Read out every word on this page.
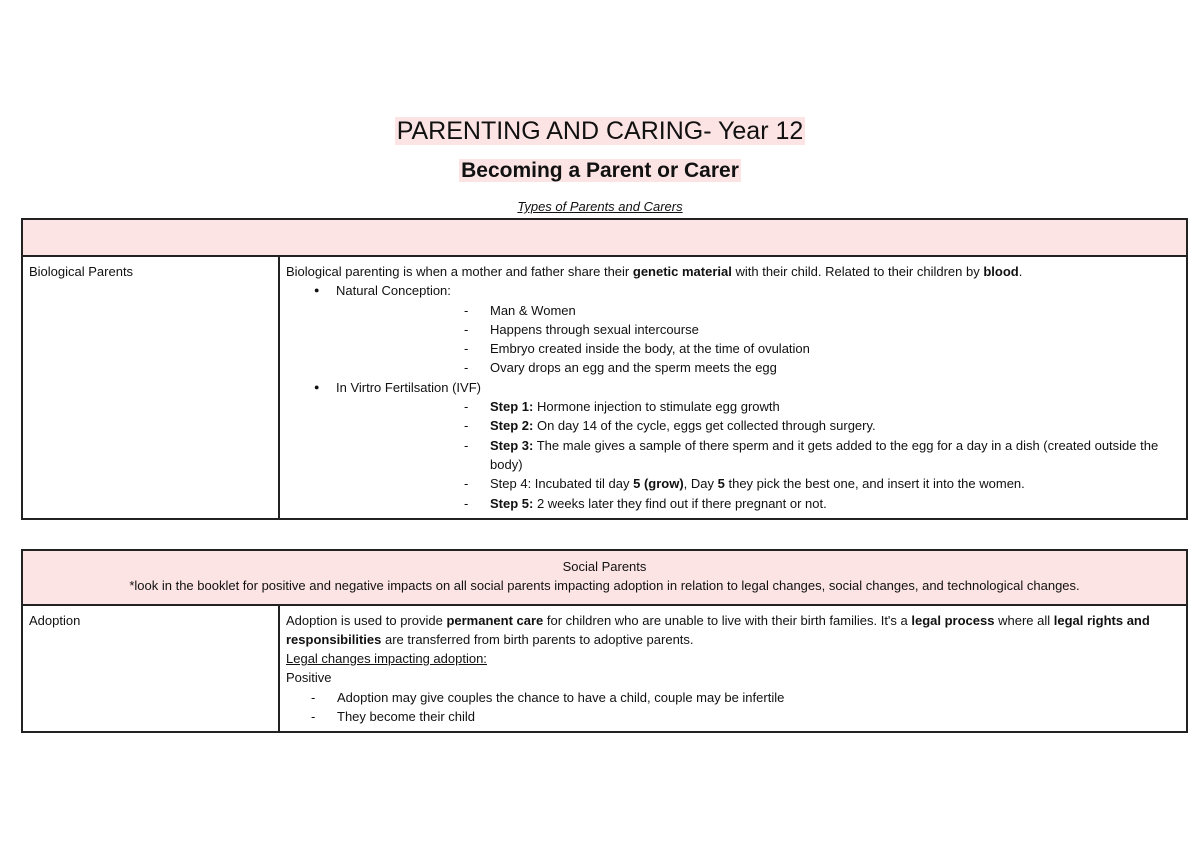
PARENTING AND CARING- Year 12
Becoming a Parent or Carer
Types of Parents and Carers

Biological Parents	Biological parenting is when a mother and father share their genetic material with their child. Related to their children by blood.
● Natural Conception:
- Man & Women
- Happens through sexual intercourse
- Embryo created inside the body, at the time of ovulation
- Ovary drops an egg and the sperm meets the egg
● In Virtro Fertilsation (IVF)
- Step 1: Hormone injection to stimulate egg growth
- Step 2: On day 14 of the cycle, eggs get collected through surgery.
- Step 3: The male gives a sample of there sperm and it gets added to the egg for a day in a dish (created outside the body)
- Step 4: Incubated til day 5 (grow), Day 5 they pick the best one, and insert it into the women.
- Step 5: 2 weeks later they find out if there pregnant or not.
Social Parents
*look in the booklet for positive and negative impacts on all social parents impacting adoption in relation to legal changes, social changes, and technological changes.

Adoption	Adoption is used to provide permanent care for children who are unable to live with their birth families. It's a legal process where all legal rights and responsibilities are transferred from birth parents to adoptive parents.
Legal changes impacting adoption:
Positive
- Adoption may give couples the chance to have a child, couple may be infertile
- They become their child
